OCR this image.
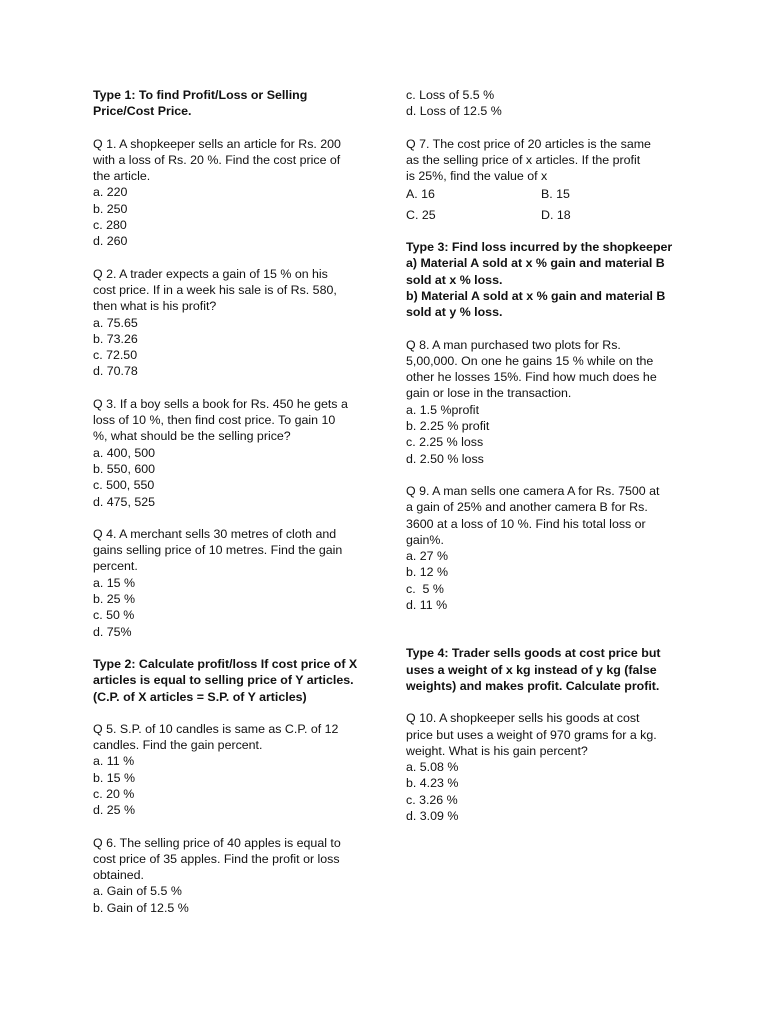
Type 1: To find Profit/Loss or Selling
Price/Cost Price.
Q 1. A shopkeeper sells an article for Rs. 200
with a loss of Rs. 20 %. Find the cost price of
the article.
a. 220
b. 250
c. 280
d. 260
Q 2. A trader expects a gain of 15 % on his
cost price. If in a week his sale is of Rs. 580,
then what is his profit?
a. 75.65
b. 73.26
c. 72.50
d. 70.78
Q 3. If a boy sells a book for Rs. 450 he gets a
loss of 10 %, then find cost price. To gain 10
%, what should be the selling price?
a. 400, 500
b. 550, 600
c. 500, 550
d. 475, 525
Q 4. A merchant sells 30 metres of cloth and
gains selling price of 10 metres. Find the gain
percent.
a. 15 %
b. 25 %
c. 50 %
d. 75%
Type 2: Calculate profit/loss If cost price of X
articles is equal to selling price of Y articles.
(C.P. of X articles = S.P. of Y articles)
Q 5. S.P. of 10 candles is same as C.P. of 12
candles. Find the gain percent.
a. 11 %
b. 15 %
c. 20 %
d. 25 %
Q 6. The selling price of 40 apples is equal to
cost price of 35 apples. Find the profit or loss
obtained.
a. Gain of 5.5 %
b. Gain of 12.5 %
c. Loss of 5.5 %
d. Loss of 12.5 %
Q 7. The cost price of 20 articles is the same
as the selling price of x articles. If the profit
is 25%, find the value of x
A. 16	B. 15
C. 25	D. 18
Type 3: Find loss incurred by the shopkeeper
a) Material A sold at x % gain and material B
sold at x % loss.
b) Material A sold at x % gain and material B
sold at y % loss.
Q 8. A man purchased two plots for Rs.
5,00,000. On one he gains 15 % while on the
other he losses 15%. Find how much does he
gain or lose in the transaction.
a. 1.5 %profit
b. 2.25 % profit
c. 2.25 % loss
d. 2.50 % loss
Q 9. A man sells one camera A for Rs. 7500 at
a gain of 25% and another camera B for Rs.
3600 at a loss of 10 %. Find his total loss or
gain%.
a. 27 %
b. 12 %
c.  5 %
d. 11 %
Type 4: Trader sells goods at cost price but
uses a weight of x kg instead of y kg (false
weights) and makes profit. Calculate profit.
Q 10. A shopkeeper sells his goods at cost
price but uses a weight of 970 grams for a kg.
weight. What is his gain percent?
a. 5.08 %
b. 4.23 %
c. 3.26 %
d. 3.09 %
